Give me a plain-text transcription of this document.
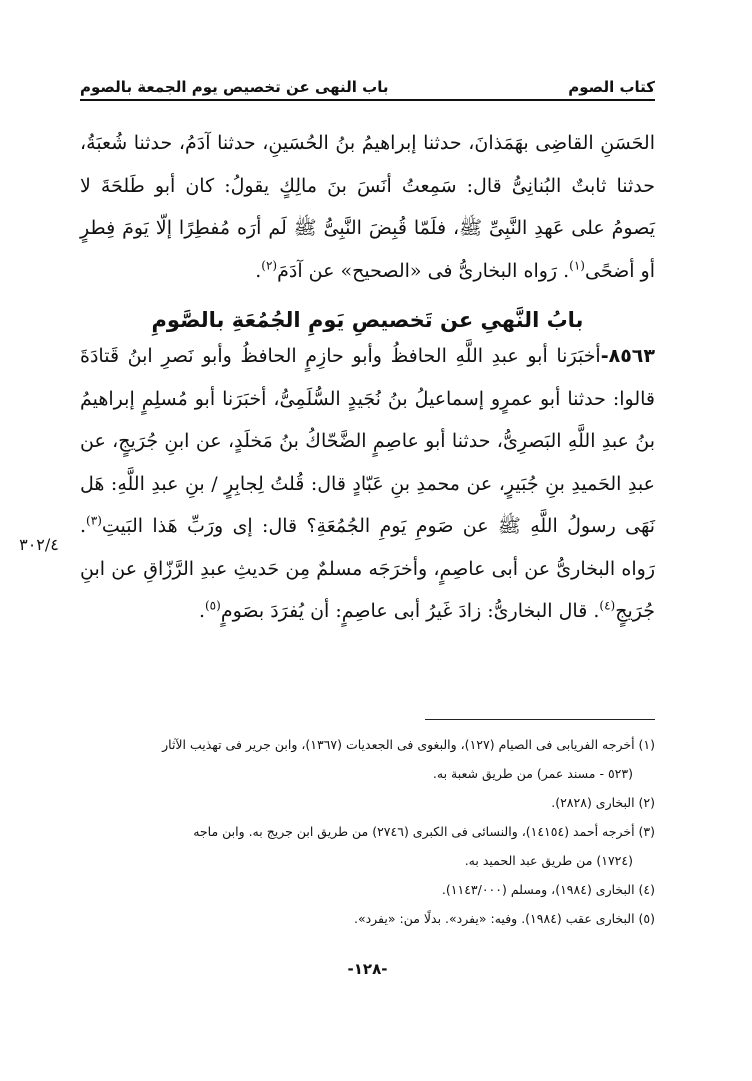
كتاب الصوم
باب النهى عن تخصيص يوم الجمعة بالصوم
الحَسَنِ القاضِى بهَمَذانَ، حدثنا إبراهيمُ بنُ الحُسَينِ، حدثنا آدَمُ، حدثنا شُعبَةُ، حدثنا ثابتٌ البُنانِىُّ قال: سَمِعتُ أنَسَ بنَ مالِكٍ يقولُ: كان أبو طَلحَةَ لا يَصومُ على عَهدِ النَّبِىِّ ﷺ، فلَمّا قُبِضَ النَّبِىُّ ﷺ لَم أرَه مُفطِرًا إلّا يَومَ فِطرٍ أو أضحًى$^{(١)}$. رَواه البخارىُّ فى «الصحيح» عن آدَمَ$^{(٢)}$.
بابُ النَّهىِ عن تَخصيصِ يَومِ الجُمُعَةِ بالصَّومِ
٨٥٦٣-أخبَرَنا أبو عبدِ اللَّهِ الحافظُ وأبو حازِمٍ الحافظُ وأبو نَصرِ ابنُ قَتادَةَ قالوا: حدثنا أبو عمرٍو إسماعيلُ بنُ نُجَيدٍ السُّلَمِىُّ، أخبَرَنا أبو مُسلِمٍ إبراهيمُ بنُ عبدِ اللَّهِ البَصرِىُّ، حدثنا أبو عاصِمٍ الضَّحّاكُ بنُ مَخلَدٍ، عن ابنِ جُرَيجٍ، عن عبدِ الحَميدِ بنِ جُبَيرٍ، عن محمدِ بنِ عَبّادٍ قال: قُلتُ لِجابِرٍ / بنِ عبدِ اللَّهِ: هَل نَهَى رسولُ اللَّهِ ﷺ عن صَومِ يَومِ الجُمُعَةِ؟ قال: إى ورَبِّ هَذا البَيتِ$^{(٣)}$. رَواه البخارىُّ عن أبى عاصِمٍ، وأخرَجَه مسلمٌ مِن حَديثِ عبدِ الرَّزّاقِ عن ابنِ جُرَيجٍ$^{(٤)}$. قال البخارىُّ: زادَ غَيرُ أبى عاصِمٍ: أن يُفرَدَ بصَومٍ$^{(٥)}$.
٣٠٢/٤
(١) أخرجه الفريابى فى الصيام (١٢٧)، والبغوى فى الجعديات (١٣٦٧)، وابن جرير فى تهذيب الآثار
(٥٢٣ - مسند عمر) من طريق شعبة به.
(٢) البخارى (٢٨٢٨).
(٣) أخرجه أحمد (١٤١٥٤)، والنسائى فى الكبرى (٢٧٤٦) من طريق ابن جريج به. وابن ماجه
(١٧٢٤) من طريق عبد الحميد به.
(٤) البخارى (١٩٨٤)، ومسلم (١١٤٣/٠٠٠).
(٥) البخارى عقب (١٩٨٤). وفيه: «يفرد». بدلًا من: «يفرد».
-١٢٨-
